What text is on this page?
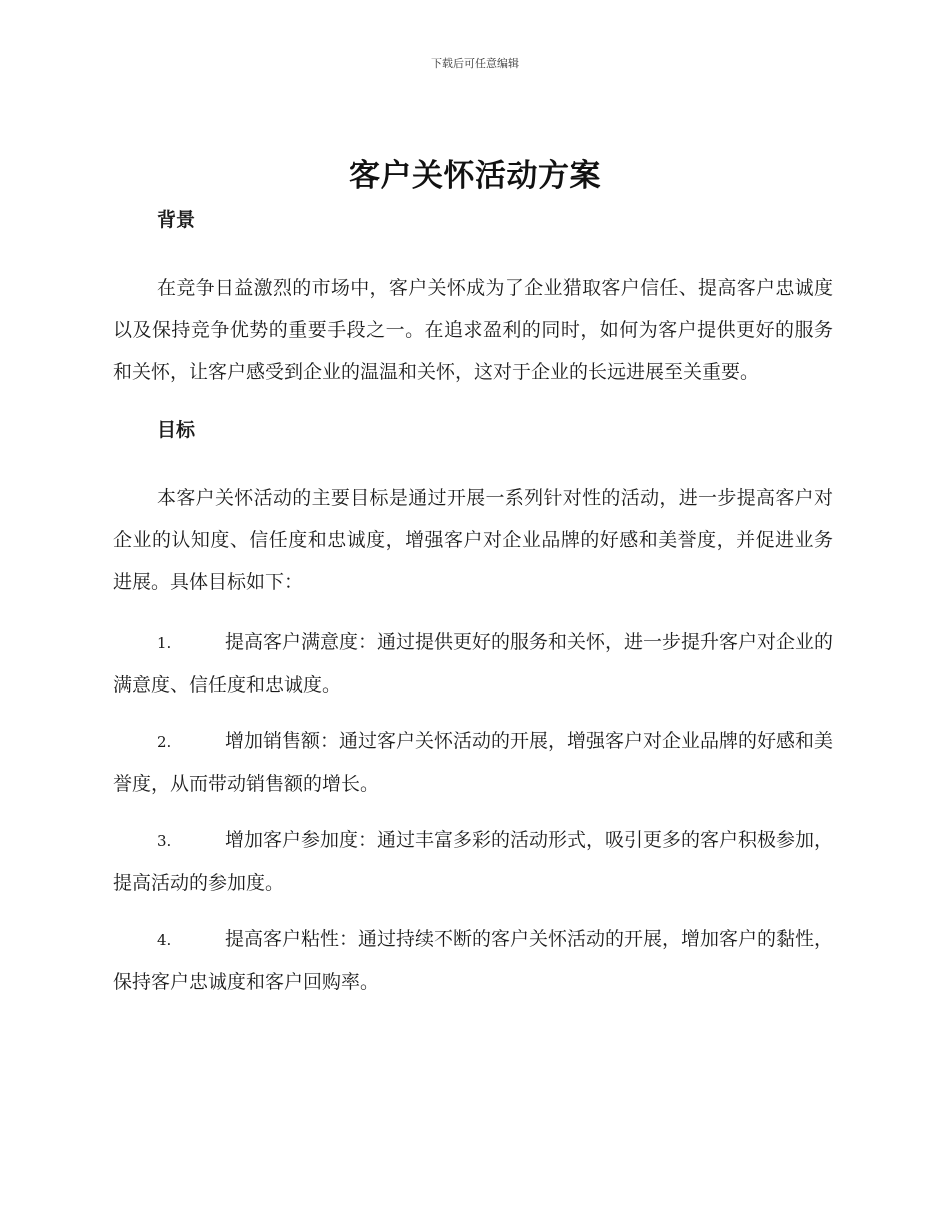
下载后可任意编辑
客户关怀活动方案
背景

在竞争日益激烈的市场中，客户关怀成为了企业猎取客户信任、提高客户忠诚度以及保持竞争优势的重要手段之一。在追求盈利的同时，如何为客户提供更好的服务和关怀，让客户感受到企业的温温和关怀，这对于企业的长远进展至关重要。

目标

本客户关怀活动的主要目标是通过开展一系列针对性的活动，进一步提高客户对企业的认知度、信任度和忠诚度，增强客户对企业品牌的好感和美誉度，并促进业务进展。具体目标如下：

1.	提高客户满意度：通过提供更好的服务和关怀，进一步提升客户对企业的满意度、信任度和忠诚度。

2.	增加销售额：通过客户关怀活动的开展，增强客户对企业品牌的好感和美誉度，从而带动销售额的增长。

3.	增加客户参加度：通过丰富多彩的活动形式，吸引更多的客户积极参加，提高活动的参加度。

4.	提高客户粘性：通过持续不断的客户关怀活动的开展，增加客户的黏性，保持客户忠诚度和客户回购率。
